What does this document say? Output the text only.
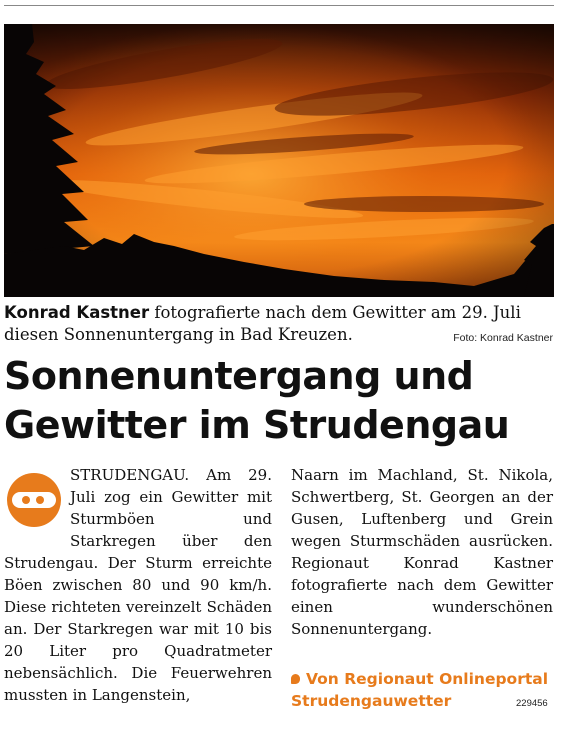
Konrad Kastner fotografierte nach dem Gewitter am 29. Juli diesen Sonnenuntergang in Bad Kreuzen.	Foto: Konrad Kastner
Sonnenuntergang und Gewitter im Strudengau
STRUDENGAU. Am 29. Juli zog ein Gewitter mit Sturmböen und Starkregen über den Strudengau. Der Sturm erreichte Böen zwischen 80 und 90 km/h. Diese richteten vereinzelt Schäden an. Der Starkregen war mit 10 bis 20 Liter pro Quadratmeter nebensächlich. Die Feuerwehren mussten in Langenstein,
Naarn im Machland, St. Nikola, Schwertberg, St. Georgen an der Gusen, Luftenberg und Grein wegen Sturmschäden ausrücken. Regionaut Konrad Kastner fotografierte nach dem Gewitter einen wunderschönen Sonnenuntergang.
Von Regionaut Onlineportal Strudengauwetter	229456
